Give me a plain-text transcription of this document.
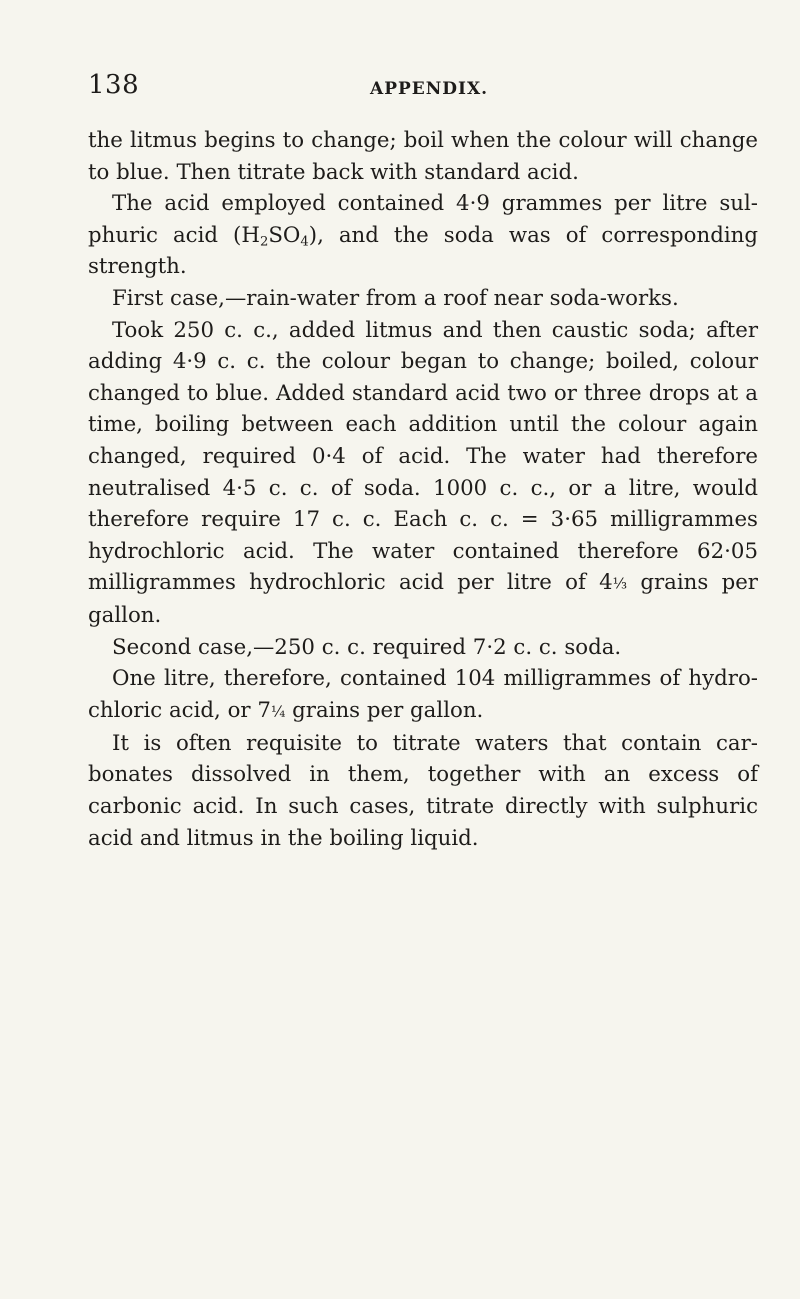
138	APPENDIX.

the litmus begins to change; boil when the colour will change to blue. Then titrate back with standard acid.

The acid employed contained 4·9 grammes per litre sul-phuric acid $(H_2SO_4)$, and the soda was of corresponding strength.

First case,—rain-water from a roof near soda-works.

Took 250 c. c., added litmus and then caustic soda; after adding 4·9 c. c. the colour began to change; boiled, colour changed to blue. Added standard acid two or three drops at a time, boiling between each addition until the colour again changed, required 0·4 of acid. The water had therefore neutralised 4·5 c. c. of soda. 1000 c. c., or a litre, would therefore require 17 c. c. Each c. c. = 3·65 milligrammes hydrochloric acid. The water contained therefore 62·05 milligrammes hydrochloric acid per litre of 4⅓ grains per gallon.

Second case,—250 c. c. required 7·2 c. c. soda.

One litre, therefore, contained 104 milligrammes of hydro-chloric acid, or 7¼ grains per gallon.

It is often requisite to titrate waters that contain car-bonates dissolved in them, together with an excess of carbonic acid. In such cases, titrate directly with sulphuric acid and litmus in the boiling liquid.
